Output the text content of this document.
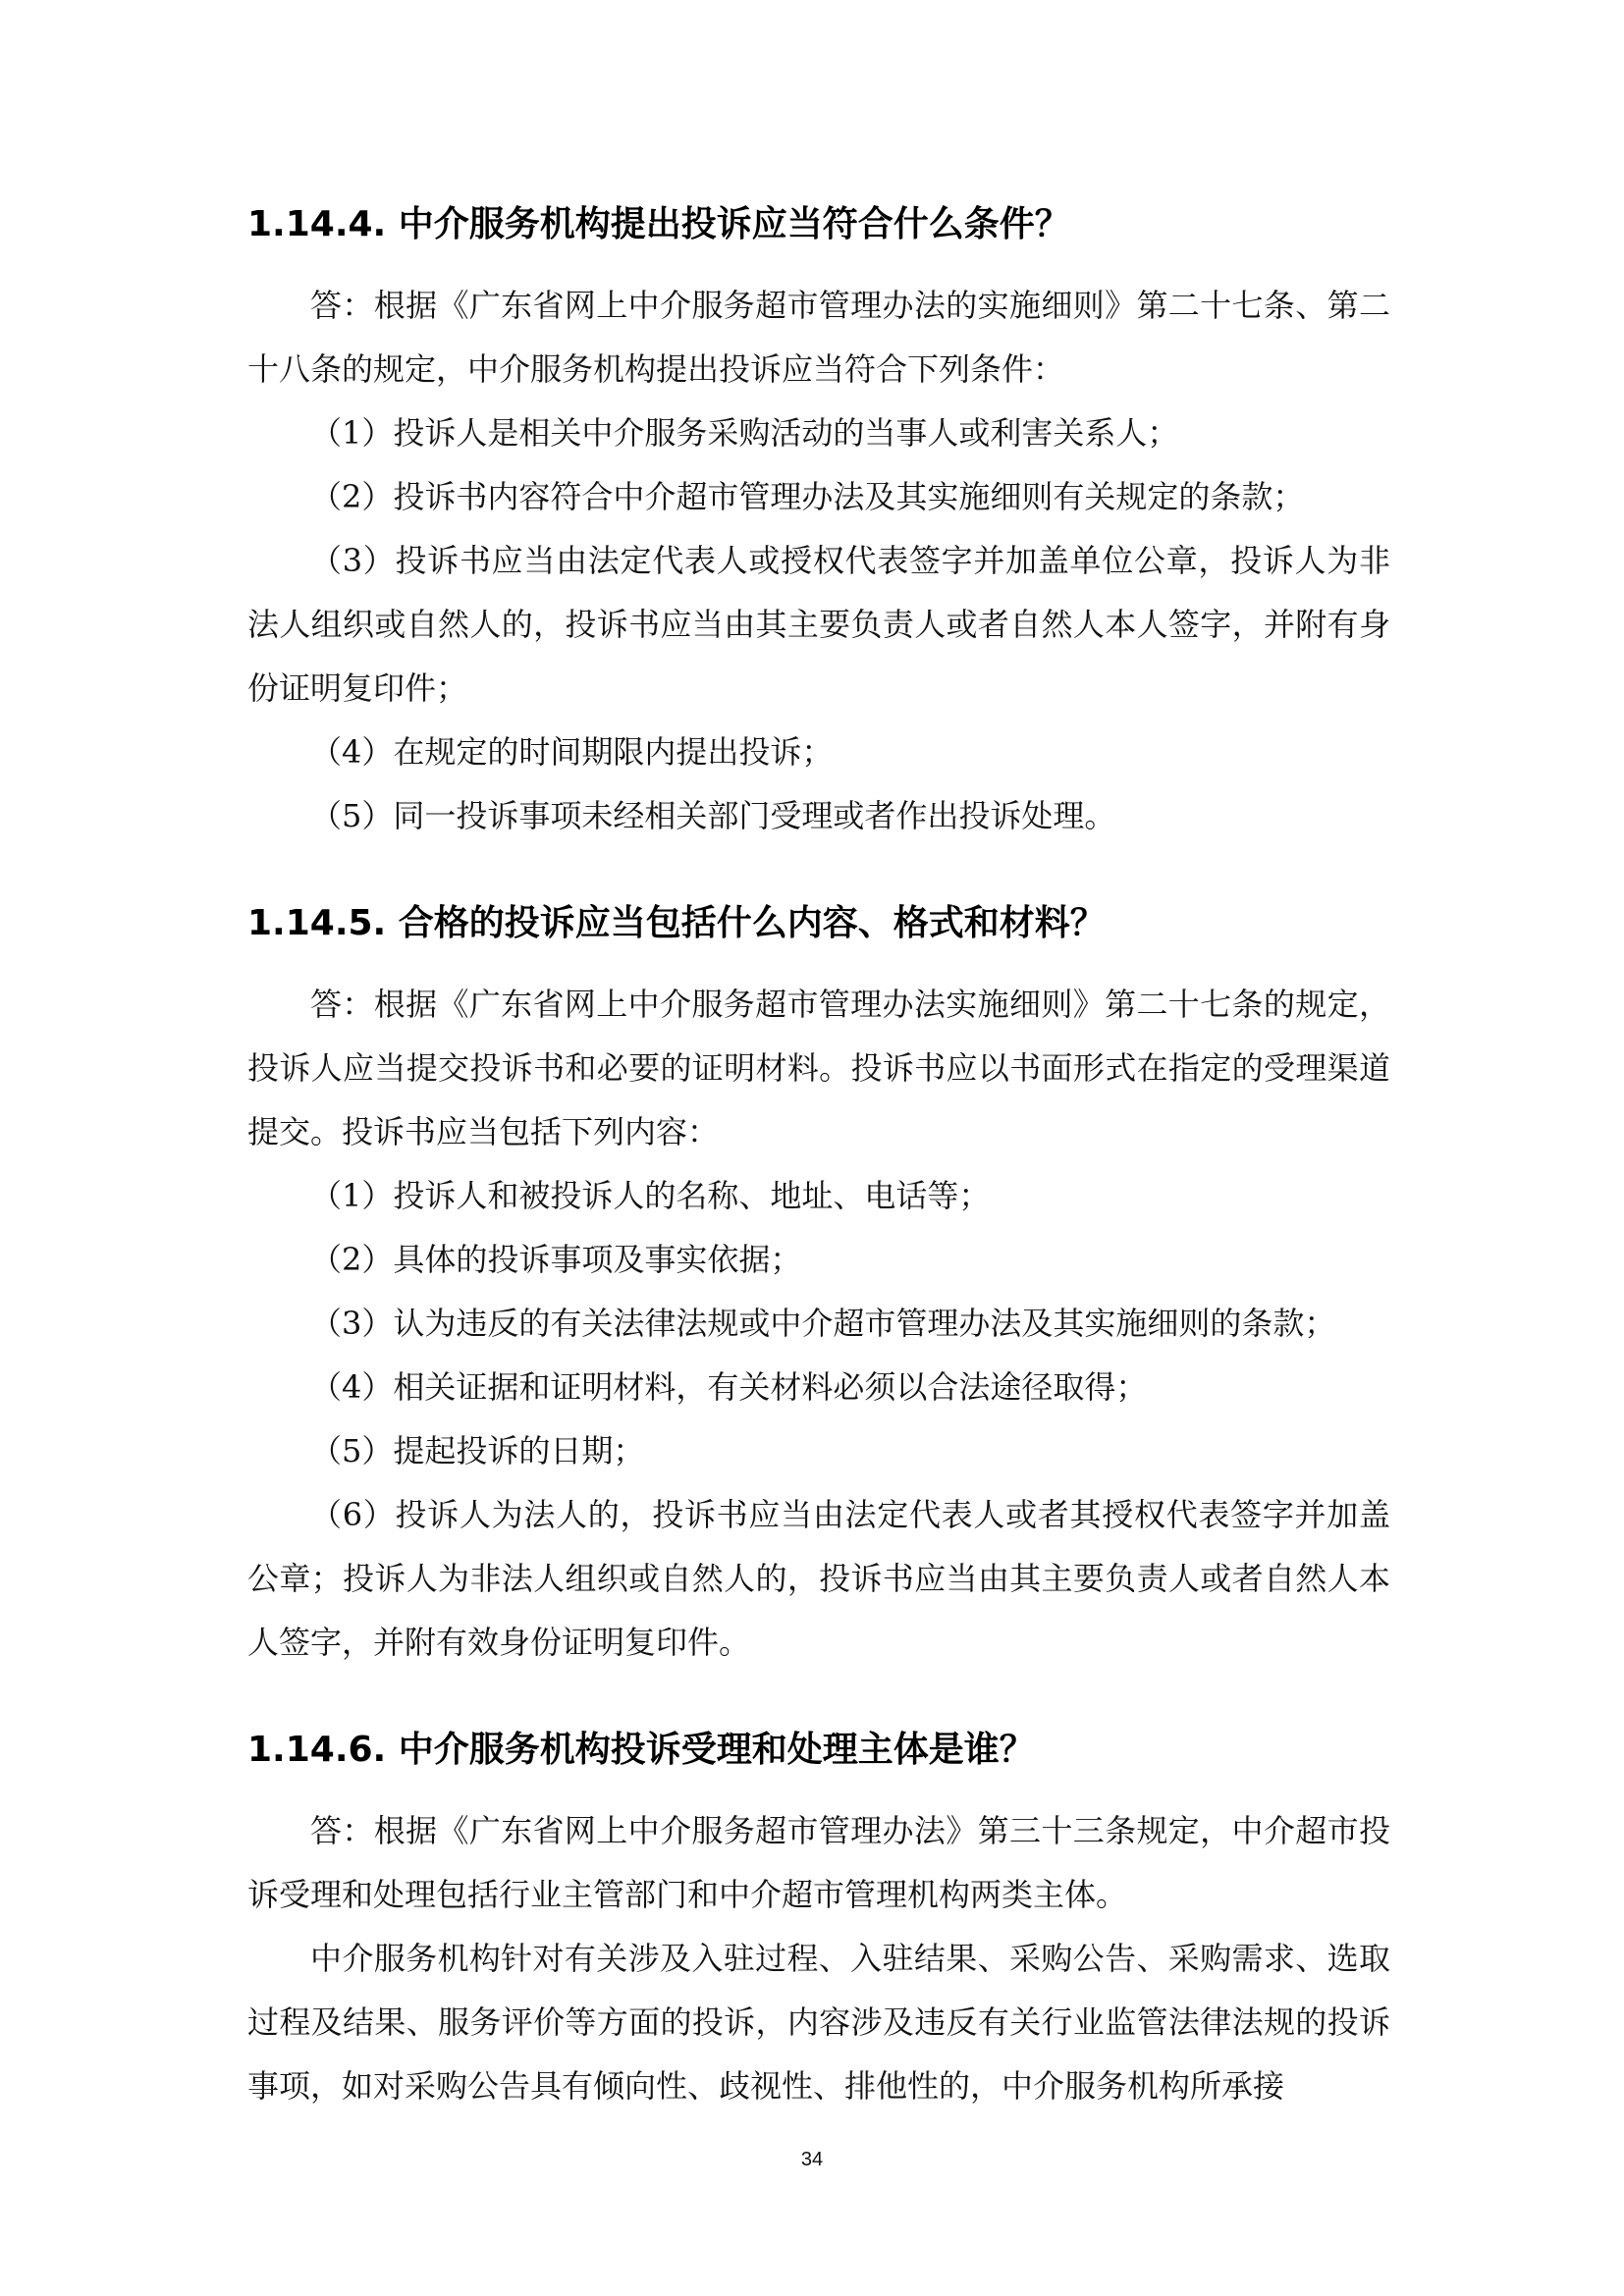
1.14.4. 中介服务机构提出投诉应当符合什么条件？

答：根据《广东省网上中介服务超市管理办法的实施细则》第二十七条、第二十八条的规定，中介服务机构提出投诉应当符合下列条件：

（1）投诉人是相关中介服务采购活动的当事人或利害关系人；

（2）投诉书内容符合中介超市管理办法及其实施细则有关规定的条款；

（3）投诉书应当由法定代表人或授权代表签字并加盖单位公章，投诉人为非法人组织或自然人的，投诉书应当由其主要负责人或者自然人本人签字，并附有身份证明复印件；

（4）在规定的时间期限内提出投诉；

（5）同一投诉事项未经相关部门受理或者作出投诉处理。

1.14.5. 合格的投诉应当包括什么内容、格式和材料？

答：根据《广东省网上中介服务超市管理办法实施细则》第二十七条的规定，投诉人应当提交投诉书和必要的证明材料。投诉书应以书面形式在指定的受理渠道提交。投诉书应当包括下列内容：

（1）投诉人和被投诉人的名称、地址、电话等；

（2）具体的投诉事项及事实依据；

（3）认为违反的有关法律法规或中介超市管理办法及其实施细则的条款；

（4）相关证据和证明材料，有关材料必须以合法途径取得；

（5）提起投诉的日期；

（6）投诉人为法人的，投诉书应当由法定代表人或者其授权代表签字并加盖公章；投诉人为非法人组织或自然人的，投诉书应当由其主要负责人或者自然人本人签字，并附有效身份证明复印件。

1.14.6. 中介服务机构投诉受理和处理主体是谁？

答：根据《广东省网上中介服务超市管理办法》第三十三条规定，中介超市投诉受理和处理包括行业主管部门和中介超市管理机构两类主体。

中介服务机构针对有关涉及入驻过程、入驻结果、采购公告、采购需求、选取过程及结果、服务评价等方面的投诉，内容涉及违反有关行业监管法律法规的投诉事项，如对采购公告具有倾向性、歧视性、排他性的，中介服务机构所承接

34
